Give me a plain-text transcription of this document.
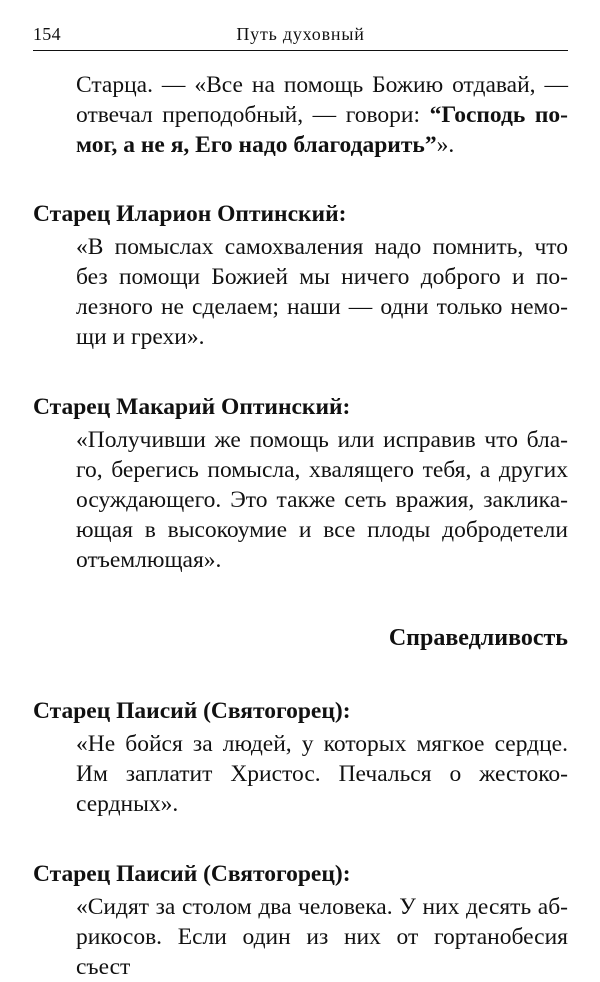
154	Путь духовный

Старца. — «Все на помощь Божию отдавай, —
отвечал преподобный, — говори: “Господь по-
мог, а не я, Его надо благодарить”».

Старец Иларион Оптинский:

«В помыслах самохваления надо помнить, что
без помощи Божией мы ничего доброго и по-
лезного не сделаем; наши — одни только немо-
щи и грехи».

Старец Макарий Оптинский:

«Получивши же помощь или исправив что бла-
го, берегись помысла, хвалящего тебя, а других
осуждающего. Это также сеть вражия, заклика-
ющая в высокоумие и все плоды добродетели
отъемлющая».

Справедливость

Старец Паисий (Святогорец):

«Не бойся за людей, у которых мягкое сердце.
Им заплатит Христос. Печалься о жестоко-
сердных».

Старец Паисий (Святогорец):

«Сидят за столом два человека. У них десять аб-
рикосов. Если один из них от гортанобесия съест
